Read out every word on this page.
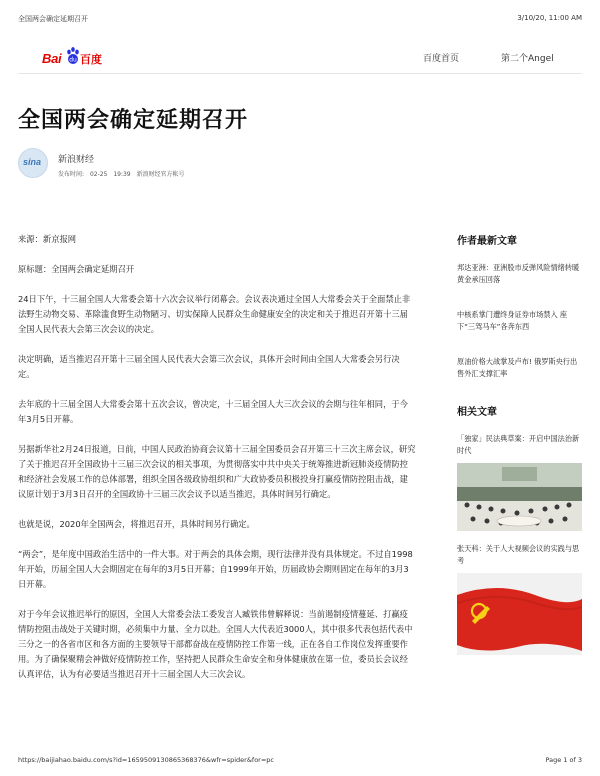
全国两会确定延期召开	3/10/20, 11:00 AM
Bai du 百度	百度首页	第二个Angel
全国两会确定延期召开
sina 新浪财经
发布时间: 02-25 19:39 新浪财经官方帐号

来源：新京报网

原标题：全国两会确定延期召开

24日下午，十三届全国人大常委会第十六次会议举行闭幕会。会议表决通过全国人大常委会关于全面禁止非法野生动物交易、革除滥食野生动物陋习、切实保障人民群众生命健康安全的决定和关于推迟召开第十三届全国人民代表大会第三次会议的决定。

决定明确，适当推迟召开第十三届全国人民代表大会第三次会议，具体开会时间由全国人大常委会另行决定。

去年底的十三届全国人大常委会第十五次会议，曾决定，十三届全国人大三次会议的会期与往年相同，于今年3月5日开幕。

另据新华社2月24日报道，日前，中国人民政治协商会议第十三届全国委员会召开第三十三次主席会议，研究了关于推迟召开全国政协十三届三次会议的相关事项，为贯彻落实中共中央关于统筹推进新冠肺炎疫情防控和经济社会发展工作的总体部署，组织全国各级政协组织和广大政协委员积极投身打赢疫情防控阻击战，建议原计划于3月3日召开的全国政协十三届三次会议予以适当推迟，具体时间另行确定。

也就是说，2020年全国两会，将推迟召开，具体时间另行确定。

“两会”，是年度中国政治生活中的一件大事。对于两会的具体会期，现行法律并没有具体规定。不过自1998年开始，历届全国人大会期固定在每年的3月5日开幕；自1999年开始，历届政协会期则固定在每年的3月3日开幕。

对于今年会议推迟举行的原因，全国人大常委会法工委发言人臧铁伟曾解释说：当前遏制疫情蔓延、打赢疫情防控阻击战处于关键时期，必须集中力量、全力以赴。全国人大代表近3000人，其中很多代表包括代表中三分之一的各省市区和各方面的主要领导干部都奋战在疫情防控工作第一线，正在各自工作岗位发挥重要作用。为了确保聚精会神做好疫情防控工作，坚持把人民群众生命安全和身体健康放在第一位，委员长会议经认真评估，认为有必要适当推迟召开十三届全国人大三次会议。

作者最新文章
邦达亚洲：亚洲股市反弹风险情绪转暖 黄金承压回落
中核系掌门遭终身证券市场禁入 座下“三驾马车”各奔东西
原油价格大战掌及卢布! 俄罗斯央行出售外汇支撑汇率
相关文章
「独家」民法典草案：开启中国法治新时代
张天科：关于人大视频会议的实践与思考
https://baijiahao.baidu.com/s?id=1659509130865368376&wfr=spider&for=pc	Page 1 of 3
